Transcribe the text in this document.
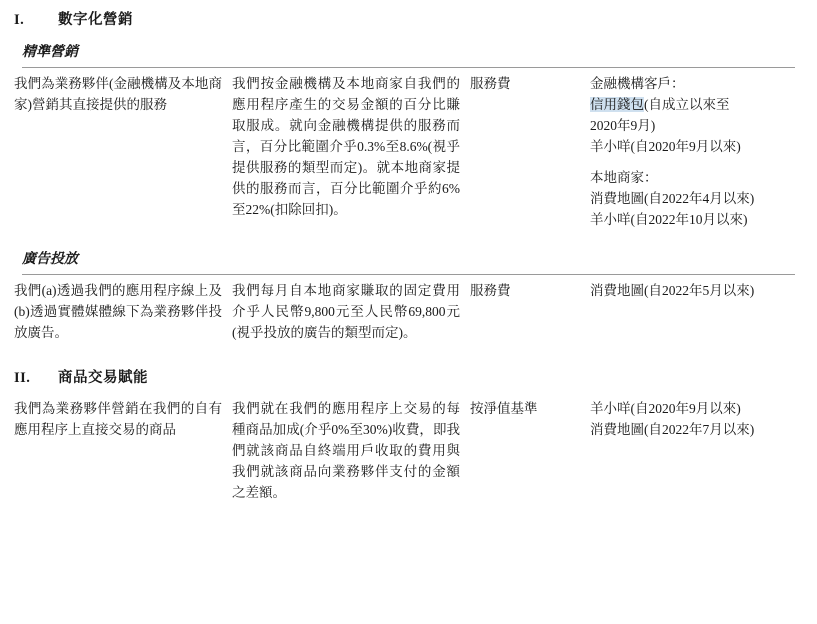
I.	數字化營銷
精準營銷
我們為業務夥伴(金融機構及本地商家)營銷其直接提供的服務	我們按金融機構及本地商家自我們的應用程序產生的交易金額的百分比賺取服成。就向金融機構提供的服務而言，百分比範圍介乎0.3%至8.6%(視乎提供服務的類型而定)。就本地商家提供的服務而言，百分比範圍介乎約6%至22%(扣除回扣)。	服務費	金融機構客戶：
信用錢包(自成立以來至
2020年9月)
羊小咩(自2020年9月以來)
本地商家：
消費地圖(自2022年4月以來)
羊小咩(自2022年10月以來)
廣告投放
我們(a)透過我們的應用程序線上及(b)透過實體媒體線下為業務夥伴投放廣告。	我們每月自本地商家賺取的固定費用介乎人民幣9,800元至人民幣69,800元(視乎投放的廣告的類型而定)。	服務費	消費地圖(自2022年5月以來)
II.	商品交易賦能
我們為業務夥伴營銷在我們的自有應用程序上直接交易的商品	我們就在我們的應用程序上交易的每種商品加成(介乎0%至30%)收費，即我們就該商品自終端用戶收取的費用與我們就該商品向業務夥伴支付的金額之差額。	按淨值基準	羊小咩(自2020年9月以來)
消費地圖(自2022年7月以來)
